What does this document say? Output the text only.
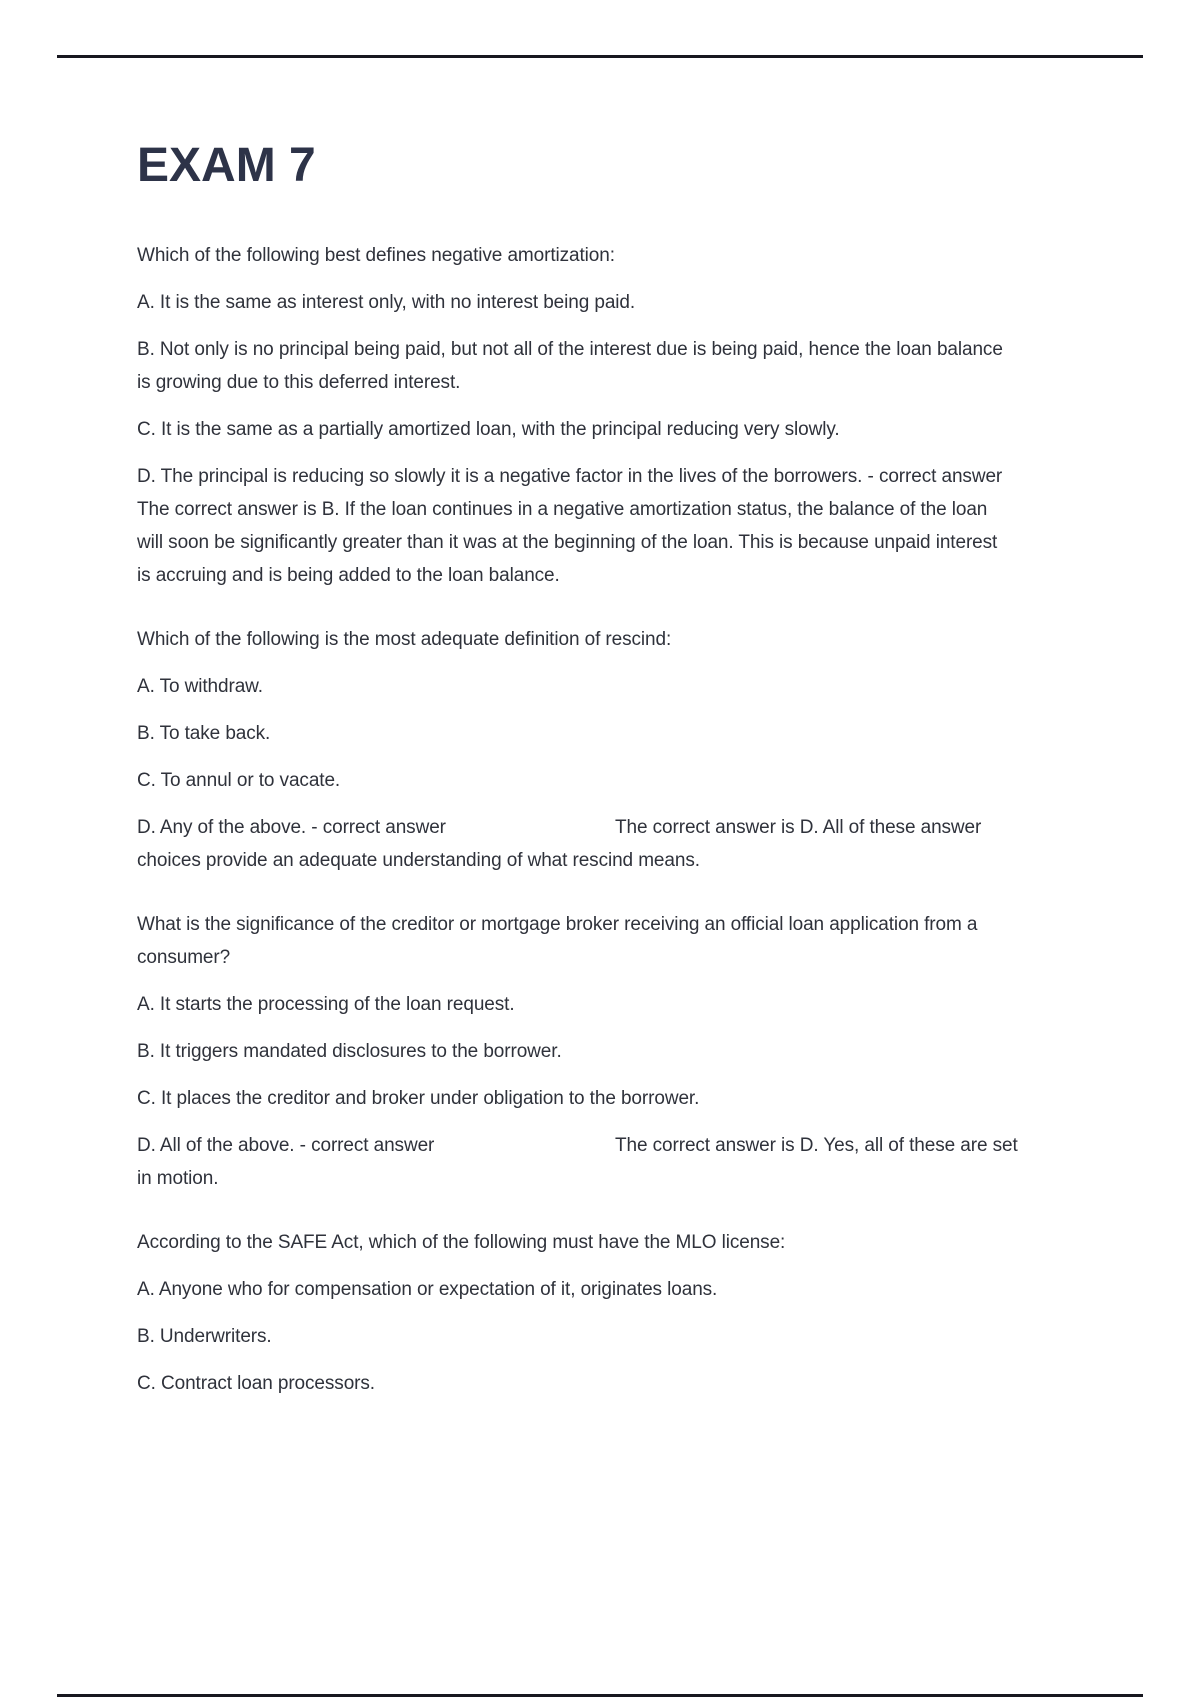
EXAM 7

Which of the following best defines negative amortization:

A. It is the same as interest only, with no interest being paid.

B. Not only is no principal being paid, but not all of the interest due is being paid, hence the loan balance
is growing due to this deferred interest.

C. It is the same as a partially amortized loan, with the principal reducing very slowly.

D. The principal is reducing so slowly it is a negative factor in the lives of the borrowers. - correct answer
The correct answer is B. If the loan continues in a negative amortization status, the balance of the loan
will soon be significantly greater than it was at the beginning of the loan. This is because unpaid interest
is accruing and is being added to the loan balance.

Which of the following is the most adequate definition of rescind:

A. To withdraw.

B. To take back.

C. To annul or to vacate.

D. Any of the above. - correct answer	The correct answer is D. All of these answer
choices provide an adequate understanding of what rescind means.

What is the significance of the creditor or mortgage broker receiving an official loan application from a
consumer?

A. It starts the processing of the loan request.

B. It triggers mandated disclosures to the borrower.

C. It places the creditor and broker under obligation to the borrower.

D. All of the above. - correct answer	The correct answer is D. Yes, all of these are set
in motion.

According to the SAFE Act, which of the following must have the MLO license:

A. Anyone who for compensation or expectation of it, originates loans.

B. Underwriters.

C. Contract loan processors.
